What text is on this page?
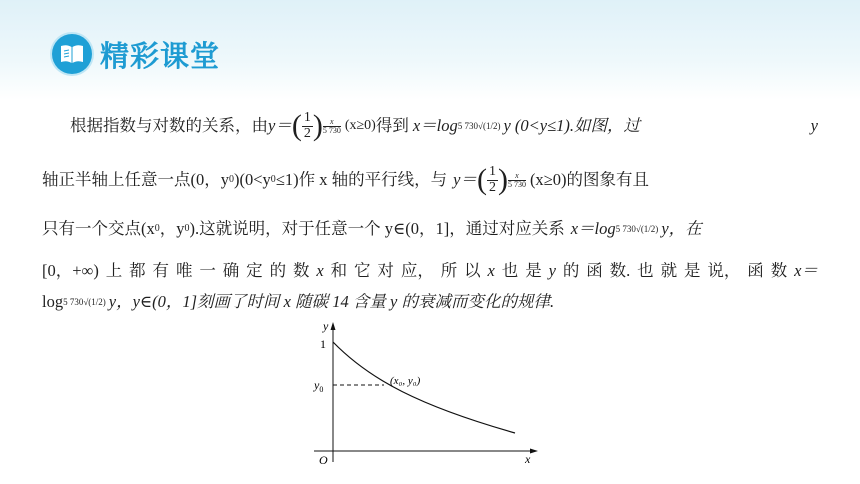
精彩课堂
根据指数与对数的关系，由 y＝ ( $\frac{1}{2}$ ) x
5 730 (x≥0) 得到 x＝log 5 730√(1/2) y (0<y≤1).如图，过	y
轴正半轴上任意一点(0，y 0 )(0<y 0 ≤1)作 x 轴的平行线，与 y＝ ( $\frac{1}{2}$ ) x
5 730 (x≥0)的图象有且
只有一个交点(x 0 ，y 0 ).这就说明，对于任意一个 y∈(0，1]，通过对应关系 x＝log 5 730√(1/2) y，在
[0，+∞) 上 都 有 唯 一 确 定 的 数 x 和 它 对 应， 所 以 x 也 是 y 的 函 数. 也 就 是 说， 函 数 x＝
log 5 730√(1/2) y，y∈(0，1]刻画了时间 x 随碳 14 含量 y 的衰减而变化的规律.
y
x
O
1
$y_0$
(x₀, y₀)
